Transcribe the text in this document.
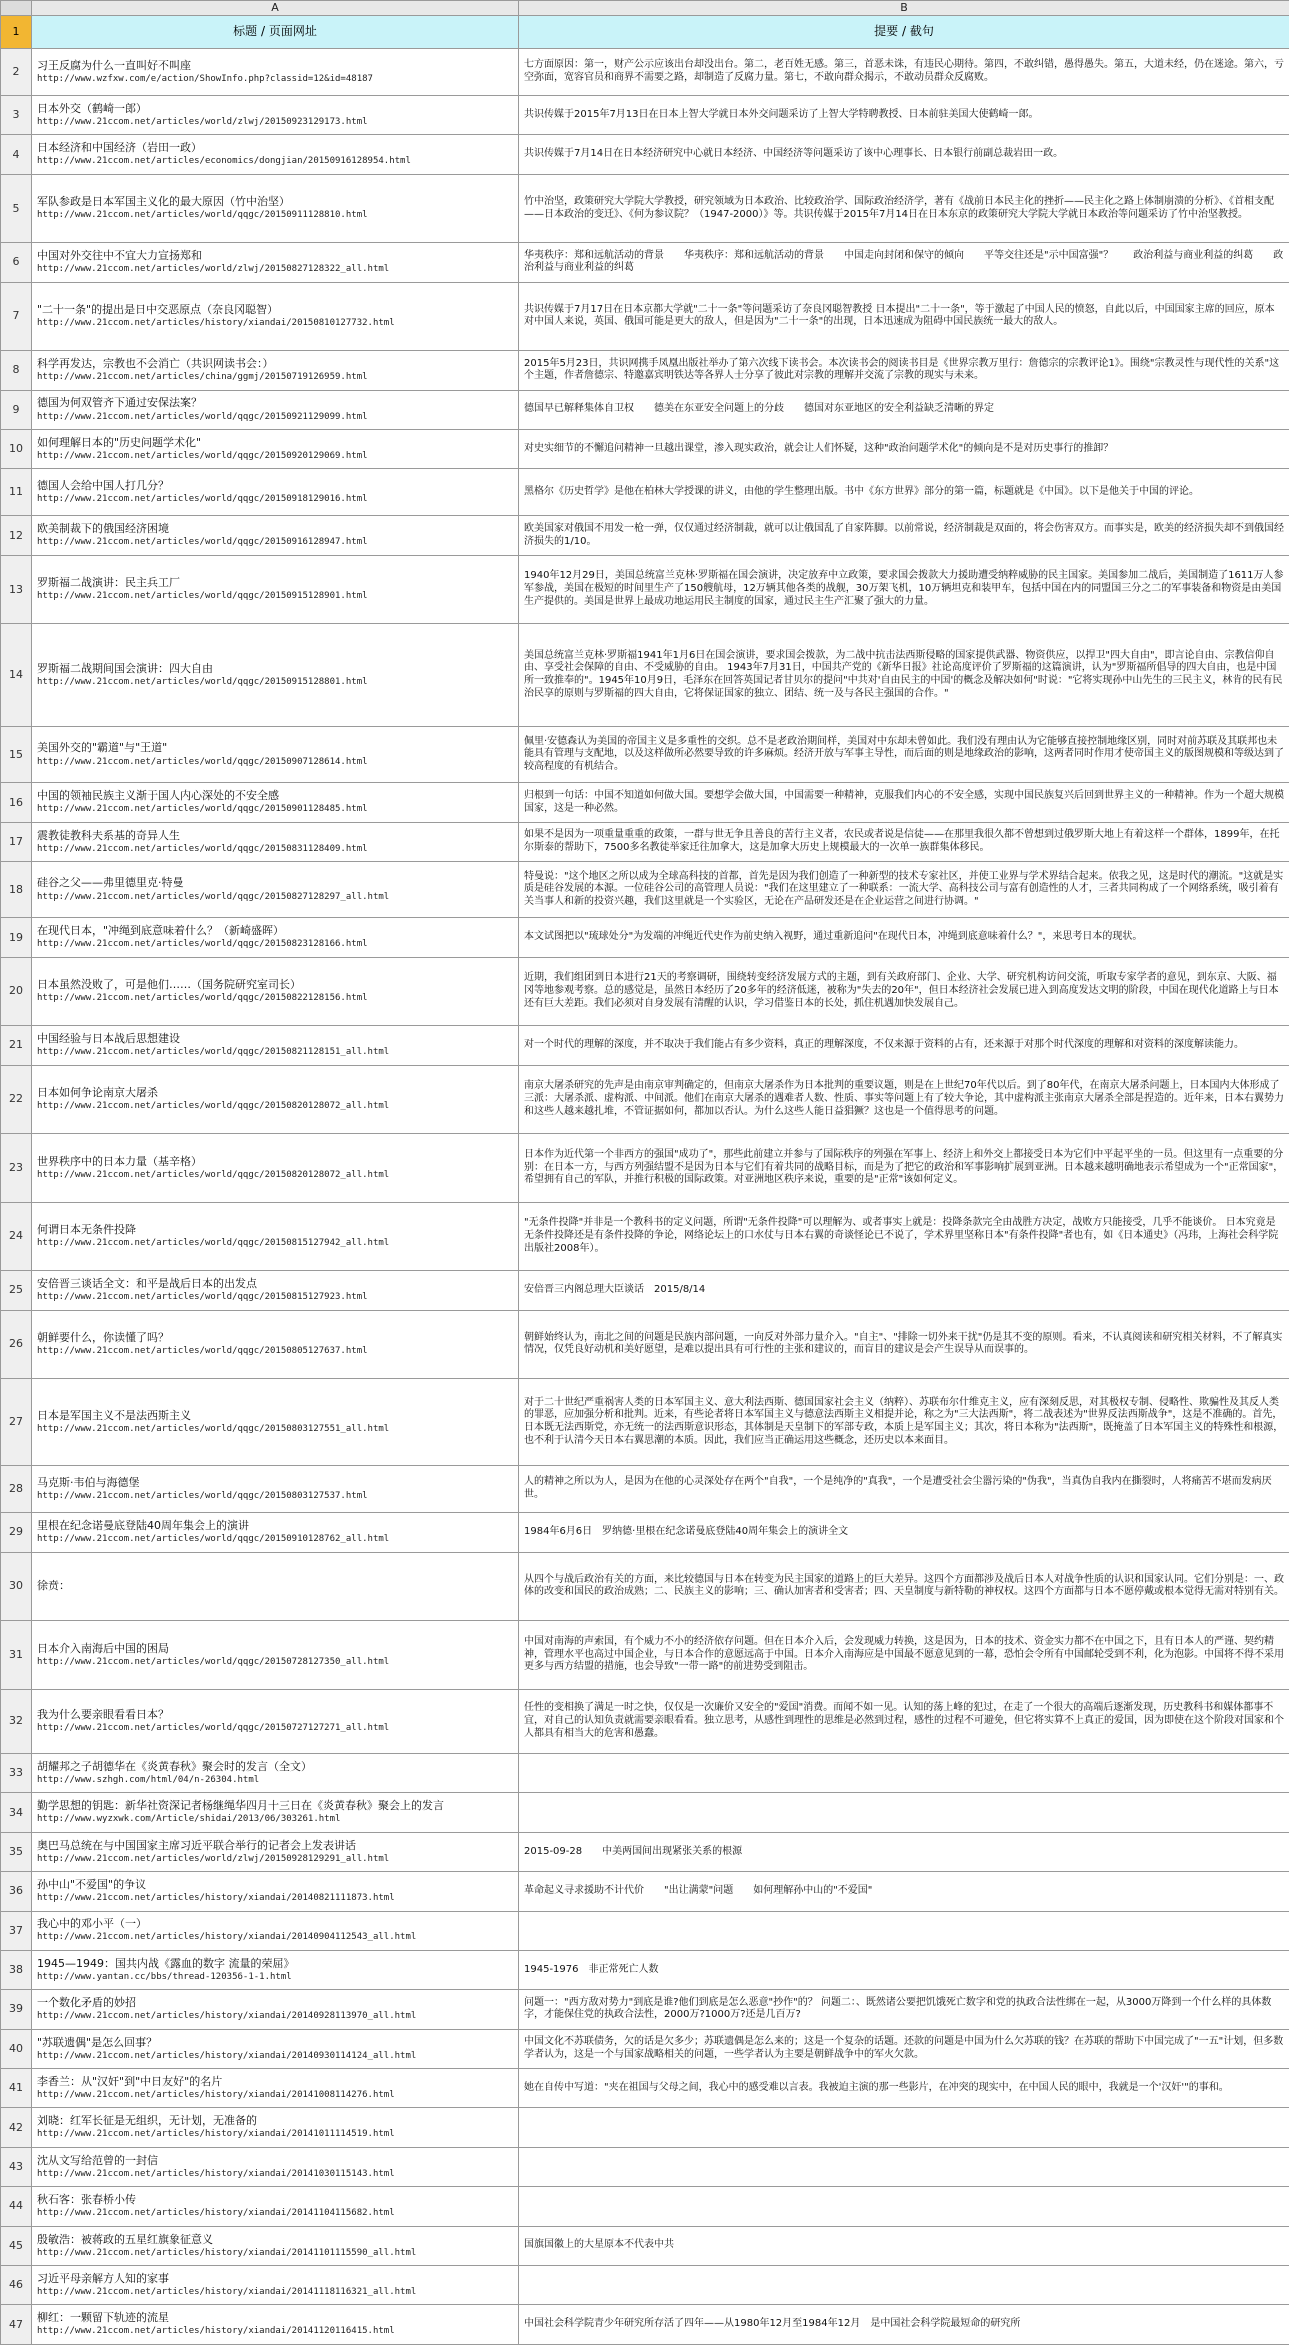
	A	B
1	标题 / 页面网址	提要 / 截句
2	习王反腐为什么一直叫好不叫座
http://www.wzfxw.com/e/action/ShowInfo.php?classid=12&id=48187	七方面原因：第一，财产公示应该出台却没出台。第二，老百姓无感。第三，首恶未诛，有违民心期待。第四，不敢纠错，愚得愚失。第五，大道未经，仍在迷途。第六，亏空弥面，宽容官员和商界不需要之路，却制造了反腐力量。第七，不敢向群众揭示，不敢动员群众反腐败。
3	日本外交（鹤崎一郎）
http://www.21ccom.net/articles/world/zlwj/20150923129173.html	共识传媒于2015年7月13日在日本上智大学就日本外交问题采访了上智大学特聘教授、日本前驻美国大使鹤崎一郎。
4	日本经济和中国经济（岩田一政）
http://www.21ccom.net/articles/economics/dongjian/20150916128954.html	共识传媒于7月14日在日本经济研究中心就日本经济、中国经济等问题采访了该中心理事长、日本银行前副总裁岩田一政。
5	军队参政是日本军国主义化的最大原因（竹中治坚）
http://www.21ccom.net/articles/world/qqgc/20150911128810.html	竹中治坚，政策研究大学院大学教授，研究领域为日本政治、比较政治学、国际政治经济学，著有《战前日本民主化的挫折——民主化之路上体制崩溃的分析》、《首相支配——日本政治的变迁》、《何为参议院？（1947-2000）》等。共识传媒于2015年7月14日在日本东京的政策研究大学院大学就日本政治等问题采访了竹中治坚教授。
6	中国对外交往中不宜大力宣扬郑和
http://www.21ccom.net/articles/world/zlwj/20150827128322_all.html	华夷秩序：郑和远航活动的背景　　华夷秩序：郑和远航活动的背景　　中国走向封闭和保守的倾向　　平等交往还是"示中国富强"？　　政治利益与商业利益的纠葛　　政治利益与商业利益的纠葛
7	"二十一条"的提出是日中交恶原点（奈良冈聪智）
http://www.21ccom.net/articles/history/xiandai/20150810127732.html	共识传媒于7月17日在日本京都大学就"二十一条"等问题采访了奈良冈聪智教授 日本提出"二十一条"，等于激起了中国人民的愤怒，自此以后，中国国家主席的回应，原本对中国人来说，英国、俄国可能是更大的敌人，但是因为"二十一条"的出现，日本迅速成为阻碍中国民族统一最大的敌人。
8	科学再发达，宗教也不会消亡（共识网读书会：）
http://www.21ccom.net/articles/china/ggmj/20150719126959.html	2015年5月23日，共识网携手凤凰出版社举办了第六次线下读书会。本次读书会的阅读书目是《世界宗教万里行：詹德宗的宗教评论1》。围绕"宗教灵性与现代性的关系"这个主题，作者詹德宗、特邀嘉宾明铁达等各界人士分享了彼此对宗教的理解并交流了宗教的现实与未来。
9	德国为何双管齐下通过安保法案？
http://www.21ccom.net/articles/world/qqgc/20150921129099.html	德国早已解释集体自卫权　　德美在东亚安全问题上的分歧　　德国对东亚地区的安全利益缺乏清晰的界定
10	如何理解日本的"历史问题学术化"
http://www.21ccom.net/articles/world/qqgc/20150920129069.html	对史实细节的不懈追问精神一旦越出课堂，渗入现实政治，就会让人们怀疑，这种"政治问题学术化"的倾向是不是对历史事行的推卸？
11	德国人会给中国人打几分？
http://www.21ccom.net/articles/world/qqgc/20150918129016.html	黑格尔《历史哲学》是他在柏林大学授课的讲义，由他的学生整理出版。书中《东方世界》部分的第一篇，标题就是《中国》。以下是他关于中国的评论。
12	欧美制裁下的俄国经济困境
http://www.21ccom.net/articles/world/qqgc/20150916128947.html	欧美国家对俄国不用发一枪一弹，仅仅通过经济制裁，就可以让俄国乱了自家阵脚。以前常说，经济制裁是双面的，将会伤害双方。而事实是，欧美的经济损失却不到俄国经济损失的1/10。
13	罗斯福二战演讲：民主兵工厂
http://www.21ccom.net/articles/world/qqgc/20150915128901.html	1940年12月29日，美国总统富兰克林·罗斯福在国会演讲，决定放弃中立政策，要求国会拨款大力援助遭受纳粹威胁的民主国家。美国参加二战后，美国制造了1611万人参军参战，美国在极短的时间里生产了150艘航母，12万辆其他各类的战舰，30万架飞机，10万辆坦克和装甲车，包括中国在内的同盟国三分之二的军事装备和物资是由美国生产提供的。美国是世界上最成功地运用民主制度的国家，通过民主生产汇聚了强大的力量。
14	罗斯福二战期间国会演讲：四大自由
http://www.21ccom.net/articles/world/qqgc/20150915128801.html	美国总统富兰克林·罗斯福1941年1月6日在国会演讲，要求国会拨款，为二战中抗击法西斯侵略的国家提供武器、物资供应，以捍卫"四大自由"，即言论自由、宗教信仰自由、享受社会保障的自由、不受威胁的自由。 1943年7月31日，中国共产党的《新华日报》社论高度评价了罗斯福的这篇演讲，认为"罗斯福所倡导的四大自由，也是中国所一致推奉的"。1945年10月9日，毛泽东在回答英国记者甘贝尔的提问"中共对'自由民主的中国'的概念及解决如何"时说："它将实现孙中山先生的三民主义，林肯的民有民治民享的原则与罗斯福的四大自由，它将保证国家的独立、团结、统一及与各民主强国的合作。"
15	美国外交的"霸道"与"王道"
http://www.21ccom.net/articles/world/qqgc/20150907128614.html	佩里·安德森认为美国的帝国主义是多重性的交织。总不是老政治期间样，美国对中东却未曾如此。我们没有理由认为它能够直接控制地缘区别，同时对前苏联及其联邦也未能具有管理与支配地，以及这样做所必然要导致的许多麻烦。经济开放与军事主导性，而后面的则是地缘政治的影响，这两者同时作用才使帝国主义的版图规模和等级达到了较高程度的有机结合。
16	中国的领袖民族主义渐于国人内心深处的不安全感
http://www.21ccom.net/articles/world/qqgc/20150901128485.html	归根到一句话：中国不知道如何做大国。要想学会做大国，中国需要一种精神，克服我们内心的不安全感，实现中国民族复兴后回到世界主义的一种精神。作为一个超大规模国家，这是一种必然。
17	震教徒教科夫系基的奇异人生
http://www.21ccom.net/articles/world/qqgc/20150831128409.html	如果不是因为一项重量重重的政策，一群与世无争且善良的苦行主义者，农民或者说是信徒——在那里我很久都不曾想到过俄罗斯大地上有着这样一个群体，1899年，在托尔斯泰的帮助下，7500多名教徒举家迁往加拿大，这是加拿大历史上规模最大的一次单一族群集体移民。
18	硅谷之父——弗里德里克·特曼
http://www.21ccom.net/articles/world/qqgc/20150827128297_all.html	特曼说："这个地区之所以成为全球高科技的首都，首先是因为我们创造了一种新型的技术专家社区，并使工业界与学术界结合起来。依我之见，这是时代的潮流。"这就是实质是硅谷发展的本源。一位硅谷公司的高管理人员说："我们在这里建立了一种联系：一流大学、高科技公司与富有创造性的人才，三者共同构成了一个网络系统，吸引着有关当事人和新的投资兴趣，我们这里就是一个实验区，无论在产品研发还是在企业运营之间进行协调。"
19	在现代日本，"冲绳到底意味着什么？（新崎盛晖）
http://www.21ccom.net/articles/world/qqgc/20150823128166.html	本文试图把以"琉球处分"为发端的冲绳近代史作为前史纳入视野，通过重新追问"在现代日本，冲绳到底意味着什么？"，来思考日本的现状。
20	日本虽然没败了，可是他们……（国务院研究室司长）
http://www.21ccom.net/articles/world/qqgc/20150822128156.html	近期，我们组团到日本进行21天的考察调研，围绕转变经济发展方式的主题，到有关政府部门、企业、大学、研究机构访问交流，听取专家学者的意见，到东京、大阪、福冈等地参观考察。总的感觉是，虽然日本经历了20多年的经济低迷，被称为"失去的20年"，但日本经济社会发展已进入到高度发达文明的阶段，中国在现代化道路上与日本还有巨大差距。我们必须对自身发展有清醒的认识，学习借鉴日本的长处，抓住机遇加快发展自己。
21	中国经验与日本战后思想建设
http://www.21ccom.net/articles/world/qqgc/20150821128151_all.html	对一个时代的理解的深度，并不取决于我们能占有多少资料，真正的理解深度，不仅来源于资料的占有，还来源于对那个时代深度的理解和对资料的深度解读能力。
22	日本如何争论南京大屠杀
http://www.21ccom.net/articles/world/qqgc/20150820128072_all.html	南京大屠杀研究的先声是由南京审判确定的，但南京大屠杀作为日本批判的重要议题，则是在上世纪70年代以后。到了80年代，在南京大屠杀问题上，日本国内大体形成了三派：大屠杀派、虚构派、中间派。他们在南京大屠杀的遇难者人数、性质、事实等问题上有了较大争论，其中虚构派主张南京大屠杀全部是捏造的。近年来，日本右翼势力和这些人越来越扎堆，不管证据如何，都加以否认。为什么这些人能日益猖獗？这也是一个值得思考的问题。
23	世界秩序中的日本力量（基辛格）
http://www.21ccom.net/articles/world/qqgc/20150820128072_all.html	日本作为近代第一个非西方的强国"成功了"，那些此前建立并参与了国际秩序的列强在军事上、经济上和外交上都接受日本为它们中平起平坐的一员。但这里有一点重要的分别：在日本一方，与西方列强结盟不是因为日本与它们有着共同的战略目标，而是为了把它的政治和军事影响扩展到亚洲。日本越来越明确地表示希望成为一个"正常国家"，希望拥有自己的军队，并推行积极的国际政策。对亚洲地区秩序来说，重要的是"正常"该如何定义。
24	何谓日本无条件投降
http://www.21ccom.net/articles/world/qqgc/20150815127942_all.html	"无条件投降"并非是一个教科书的定义问题，所谓"无条件投降"可以理解为、或者事实上就是：投降条款完全由战胜方决定，战败方只能接受，几乎不能谈价。 日本究竟是无条件投降还是有条件投降的争论，网络论坛上的口水仗与日本右翼的奇谈怪论已不说了，学术界里坚称日本"有条件投降"者也有，如《日本通史》（冯玮，上海社会科学院出版社2008年）。
25	安倍晋三谈话全文：和平是战后日本的出发点
http://www.21ccom.net/articles/world/qqgc/20150815127923.html	安倍晋三内阁总理大臣谈话　2015/8/14
26	朝鲜要什么，你读懂了吗？
http://www.21ccom.net/articles/world/qqgc/20150805127637.html	朝鲜始终认为，南北之间的问题是民族内部问题，一向反对外部力量介入。"自主"、"排除一切外来干扰"仍是其不变的原则。看来，不认真阅读和研究相关材料，不了解真实情况，仅凭良好动机和美好愿望，是难以提出具有可行性的主张和建议的，而盲目的建议是会产生误导从而误事的。
27	日本是军国主义不是法西斯主义
http://www.21ccom.net/articles/world/qqgc/20150803127551_all.html	对于二十世纪严重祸害人类的日本军国主义、意大利法西斯、德国国家社会主义（纳粹）、苏联布尔什维克主义，应有深刻反思，对其极权专制、侵略性、欺骗性及其反人类的罪恶，应加强分析和批判。近来，有些论者将日本军国主义与德意法西斯主义相提并论，称之为"三大法西斯"，将二战表述为"世界反法西斯战争"，这是不准确的。首先，日本既无法西斯党，亦无统一的法西斯意识形态，其体制是天皇制下的军部专政，本质上是军国主义；其次，将日本称为"法西斯"，既掩盖了日本军国主义的特殊性和根源，也不利于认清今天日本右翼思潮的本质。因此，我们应当正确运用这些概念，还历史以本来面目。
28	马克斯·韦伯与海德堡
http://www.21ccom.net/articles/world/qqgc/20150803127537.html	人的精神之所以为人，是因为在他的心灵深处存在两个"自我"，一个是纯净的"真我"，一个是遭受社会尘嚣污染的"伪我"，当真伪自我内在撕裂时，人将痛苦不堪而发病厌世。
29	里根在纪念诺曼底登陆40周年集会上的演讲
http://www.21ccom.net/articles/world/qqgc/20150910128762_all.html	1984年6月6日　罗纳德·里根在纪念诺曼底登陆40周年集会上的演讲全文
30	徐贲：	从四个与战后政治有关的方面，来比较德国与日本在转变为民主国家的道路上的巨大差异。这四个方面都涉及战后日本人对战争性质的认识和国家认同。它们分别是：一、政体的改变和国民的政治成熟；二、民族主义的影响；三、确认加害者和受害者；四、天皇制度与新特勒的神权权。这四个方面都与日本不愿停戴或根本觉得无需对特别有关。
31	日本介入南海后中国的困局
http://www.21ccom.net/articles/world/qqgc/20150728127350_all.html	中国对南海的声索国，有个威力不小的经济依存问题。但在日本介入后，会发现威力转换，这是因为，日本的技术、资金实力都不在中国之下，且有日本人的严谨、契约精神，管理水平也高过中国企业，与日本合作的意愿远高于中国。日本介入南海应是中国最不愿意见到的一幕，恐怕会令所有中国邮轮受到不利，化为泡影。中国将不得不采用更多与西方结盟的措施，也会导致"一带一路"的前进势受到阻击。
32	我为什么要亲眼看看日本？
http://www.21ccom.net/articles/world/qqgc/20150727127271_all.html	任性的变相换了满足一时之快，仅仅是一次廉价又安全的"爱国"消费。而闻不如一见。认知的荡上峰的犯过，在走了一个很大的高端后逐渐发现，历史教科书和媒体都事不宜，对自己的认知负责就需要亲眼看看。独立思考，从感性到理性的思维是必然到过程，感性的过程不可避免，但它将实算不上真正的爱国，因为即使在这个阶段对国家和个人都具有相当大的危害和愚蠢。
33	胡耀邦之子胡德华在《炎黄春秋》聚会时的发言（全文）
http://www.szhgh.com/html/04/n-26304.html	

34	勤学思想的钥匙：新华社资深记者杨继绳华四月十三日在《炎黄春秋》聚会上的发言
http://www.wyzxwk.com/Article/shidai/2013/06/303261.html	

35	奥巴马总统在与中国国家主席习近平联合举行的记者会上发表讲话
http://www.21ccom.net/articles/world/zlwj/20150928129291_all.html	2015-09-28　　中美两国间出现紧张关系的根源
36	孙中山"不爱国"的争议
http://www.21ccom.net/articles/history/xiandai/20140821111873.html	革命起义寻求援助不计代价　　"出让满蒙"问题　　如何理解孙中山的"不爱国"
37	我心中的邓小平（一）
http://www.21ccom.net/articles/history/xiandai/20140904112543_all.html	

38	1945—1949：国共内战《露血的数字 流量的荣屈》
http://www.yantan.cc/bbs/thread-120356-1-1.html	1945-1976　非正常死亡人数
39	一个数化矛盾的妙招
http://www.21ccom.net/articles/history/xiandai/20140928113970_all.html	问题一："西方敌对势力"到底是谁?他们到底是怎么恶意"抄作"的？ 问题二：、既然诸公要把饥饿死亡数字和党的执政合法性绑在一起，从3000万降到一个什么样的具体数字，才能保住党的执政合法性，2000万?1000万?还是几百万?
40	"苏联遗偶"是怎么回事？
http://www.21ccom.net/articles/history/xiandai/20140930114124_all.html	中国文化不苏联债务，欠的话是欠多少；苏联遗偶是怎么来的；这是一个复杂的话题。还款的问题是中国为什么欠苏联的钱？在苏联的帮助下中国完成了"一五"计划，但多数学者认为，这是一个与国家战略相关的问题，一些学者认为主要是朝鲜战争中的军火欠款。
41	李香兰：从"汉奸"到"中日友好"的名片
http://www.21ccom.net/articles/history/xiandai/20141008114276.html	她在自传中写道："夹在祖国与父母之间，我心中的感受难以言表。我被迫主演的那一些影片，在冲突的现实中，在中国人民的眼中，我就是一个'汉奸'"的事和。
42	刘晓：红军长征是无组织，无计划，无准备的
http://www.21ccom.net/articles/history/xiandai/20141011114519.html	

43	沈从文写给范曾的一封信
http://www.21ccom.net/articles/history/xiandai/20141030115143.html	

44	秋石客：张春桥小传
http://www.21ccom.net/articles/history/xiandai/20141104115682.html	

45	殷敏浩：被蒋政的五星红旗象征意义
http://www.21ccom.net/articles/history/xiandai/20141101115590_all.html	国旗国徽上的大星原本不代表中共
46	习近平母亲解方人知的家事
http://www.21ccom.net/articles/history/xiandai/20141118116321_all.html	

47	柳红：一颗留下轨迹的流星
http://www.21ccom.net/articles/history/xiandai/20141120116415.html	中国社会科学院青少年研究所存活了四年——从1980年12月至1984年12月　是中国社会科学院最短命的研究所
